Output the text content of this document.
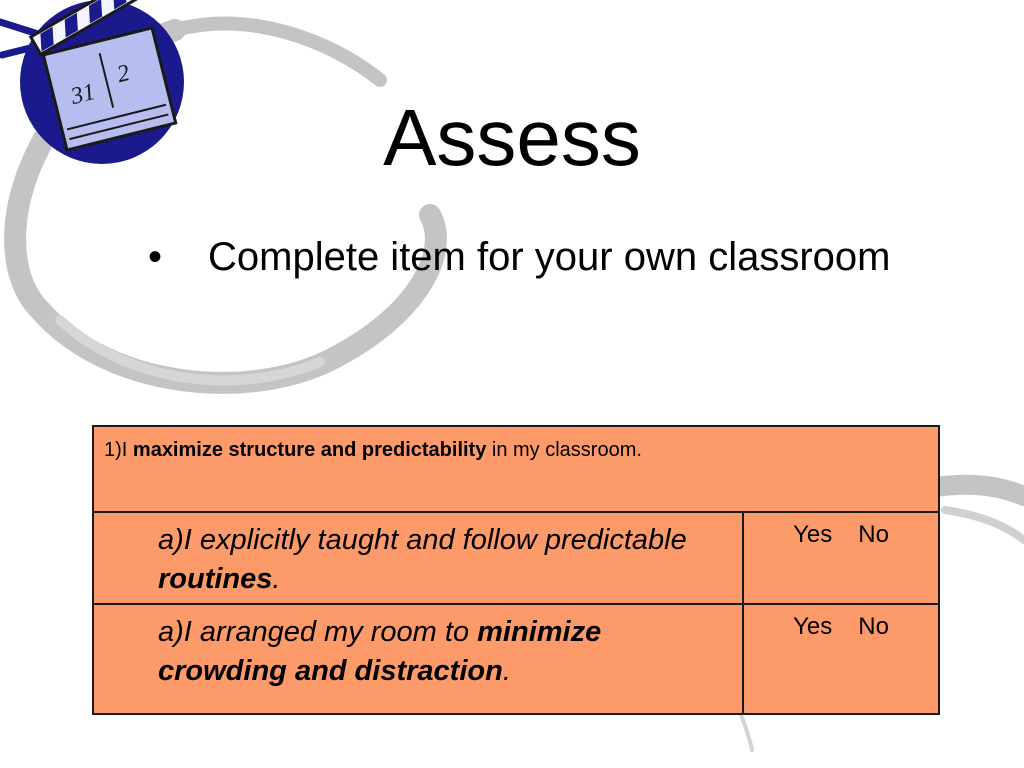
31
2
Assess
• Complete item for your own classroom
1)I maximize structure and predictability in my classroom.	

a)I explicitly taught and follow predictable routines.	Yes No

a)I arranged my room to minimize crowding and distraction.	Yes No
